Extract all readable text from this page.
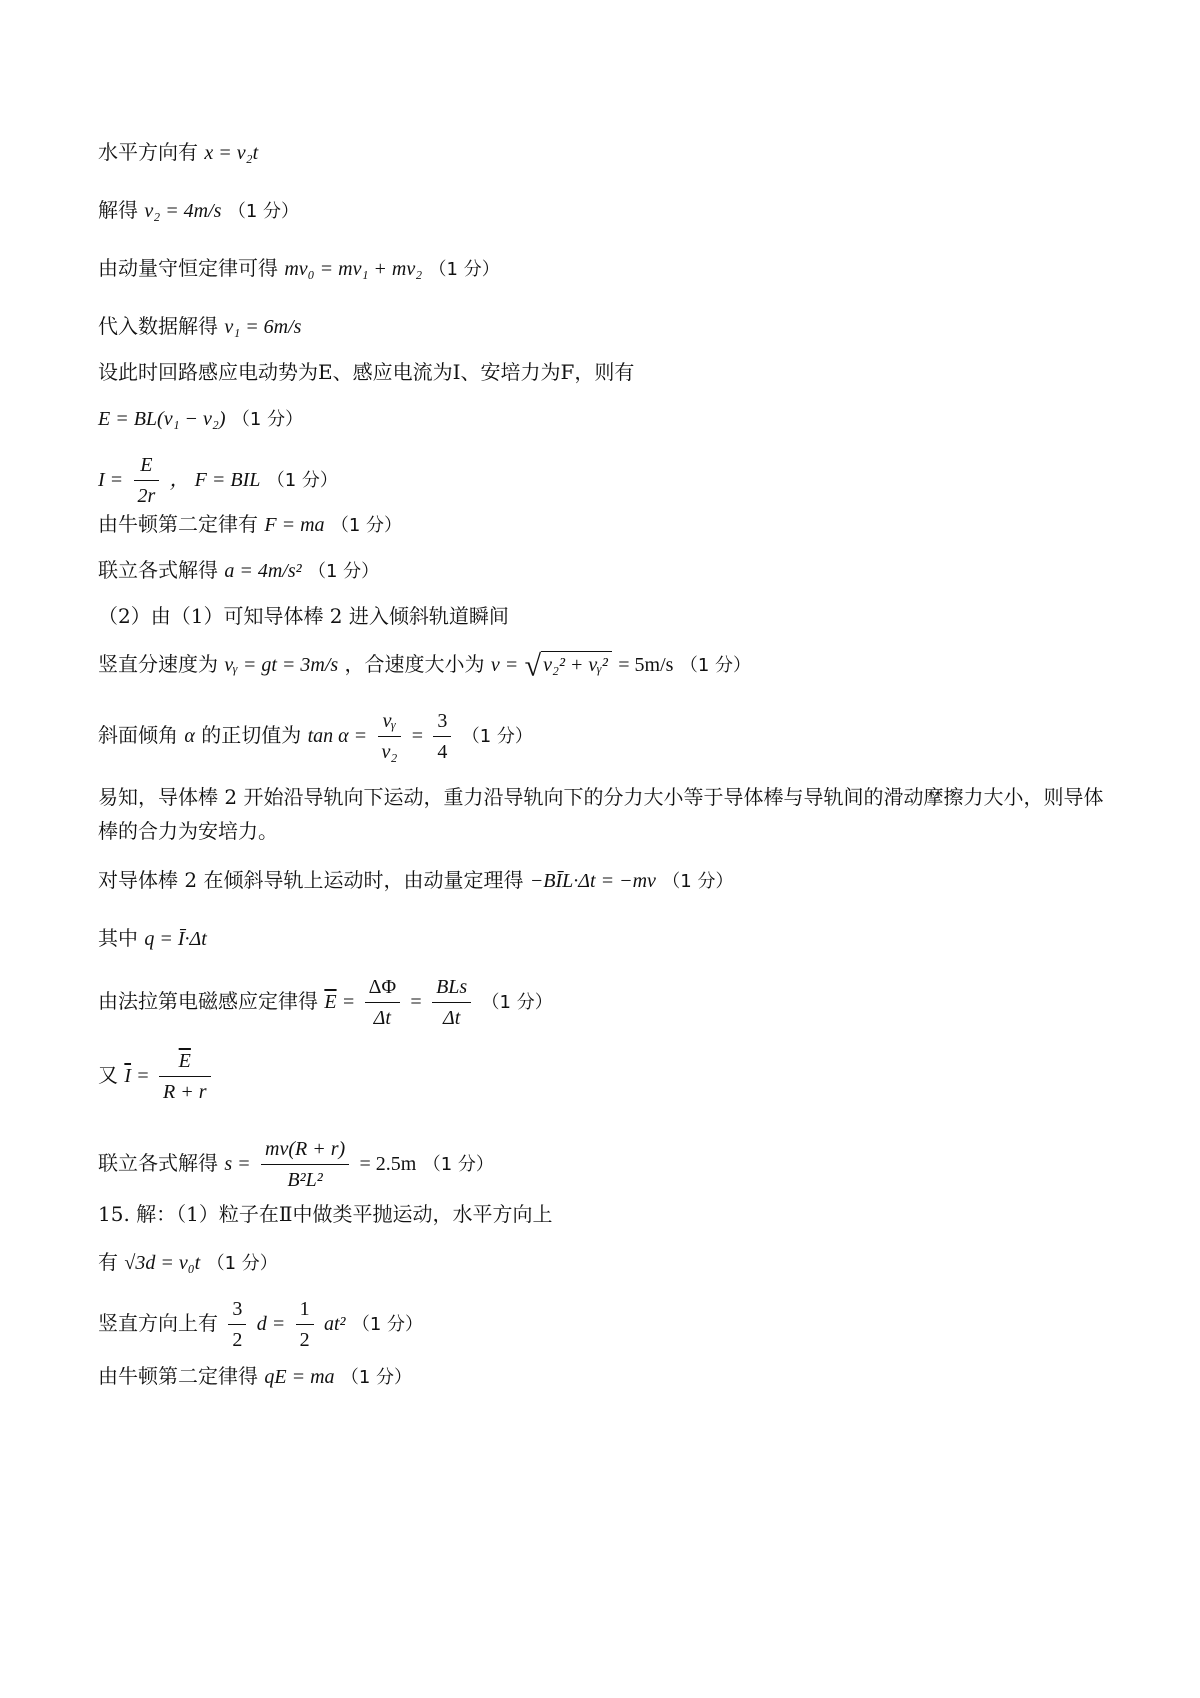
水平方向有 x = v₂t
解得 v₂ = 4m/s （1 分）
由动量守恒定律可得 mv₀ = mv₁ + mv₂ （1 分）
代入数据解得 v₁ = 6m/s
设此时回路感应电动势为E、感应电流为I、安培力为F，则有
E = BL(v₁ − v₂) （1 分）
$I = \frac{E}{2r}$ ， F = BIL （1 分）
由牛顿第二定律有 F = ma （1 分）
联立各式解得 a = 4m/s² （1 分）
（2）由（1）可知导体棒 2 进入倾斜轨道瞬间
竖直分速度为 vᵧ = gt = 3m/s ，合速度大小为 v = √ v₂² + vᵧ² = 5m/s （1 分）
斜面倾角 α 的正切值为 $\tan \alpha = \frac{\text{vᵧ}}{\text{v₂}} = \frac{3}{4} (1$ 分）
易知，导体棒 2 开始沿导轨向下运动，重力沿导轨向下的分力大小等于导体棒与导轨间的滑动摩擦力大小，则导体棒的合力为安培力。
对导体棒 2 在倾斜导轨上运动时，由动量定理得 −BĪL·Δt = −mv （1 分）
其中 q = Ī·Δt
由法拉第电磁感应定律得 $\overline{E} = \frac{\Delta\Phi}{\Delta t} = \frac{\text{BLs}}{\Delta t} (1$ 分）
又 $\overline{I} = \frac{\overline{E}}{R + r}$
联立各式解得 $s = \frac{mv(R + r)}{\text{B²L²}} = 2.5m$ （1 分）
15. 解：（1）粒子在Ⅱ中做类平抛运动，水平方向上
有 √3d = v₀t （1 分）
竖直方向上有 $\frac{3}{2}$ $d = \frac{1}{2} at^2$ （1 分）
由牛顿第二定律得 qE = ma （1 分）
